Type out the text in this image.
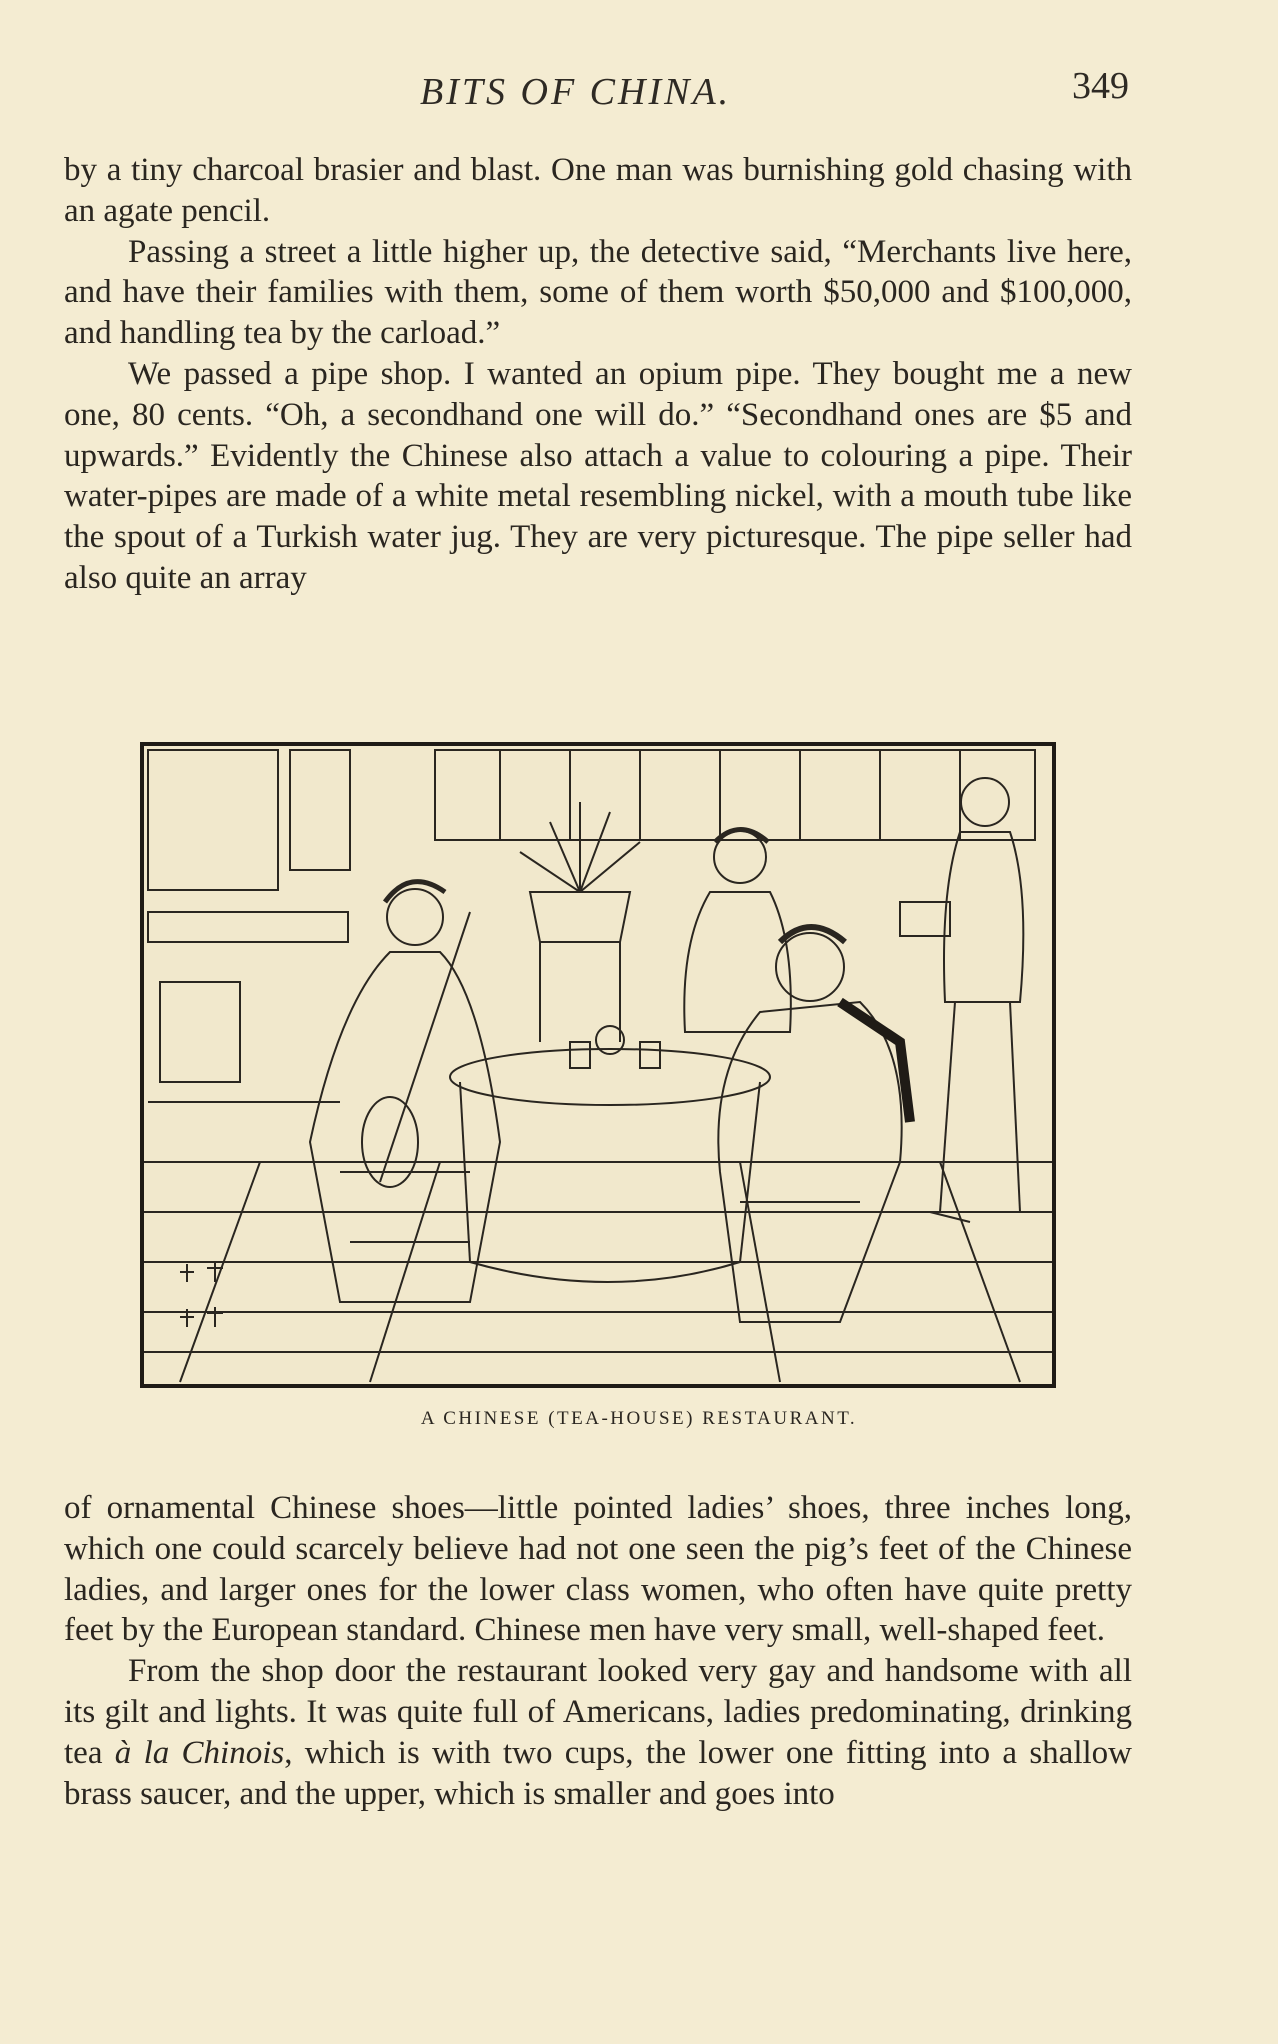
BITS OF CHINA.	349

by a tiny charcoal brasier and blast. One man was burnishing gold chasing with an agate pencil.

Passing a street a little higher up, the detective said, “Merchants live here, and have their families with them, some of them worth $50,000 and $100,000, and handling tea by the carload.”

We passed a pipe shop. I wanted an opium pipe. They bought me a new one, 80 cents. “Oh, a secondhand one will do.” “Secondhand ones are $5 and upwards.” Evidently the Chinese also attach a value to colouring a pipe. Their water-pipes are made of a white metal resembling nickel, with a mouth tube like the spout of a Turkish water jug. They are very picturesque. The pipe seller had also quite an array

A CHINESE (TEA-HOUSE) RESTAURANT.

of ornamental Chinese shoes—little pointed ladies’ shoes, three inches long, which one could scarcely believe had not one seen the pig’s feet of the Chinese ladies, and larger ones for the lower class women, who often have quite pretty feet by the European standard. Chinese men have very small, well-shaped feet.

From the shop door the restaurant looked very gay and handsome with all its gilt and lights. It was quite full of Americans, ladies predominating, drinking tea à la Chinois, which is with two cups, the lower one fitting into a shallow brass saucer, and the upper, which is smaller and goes into
